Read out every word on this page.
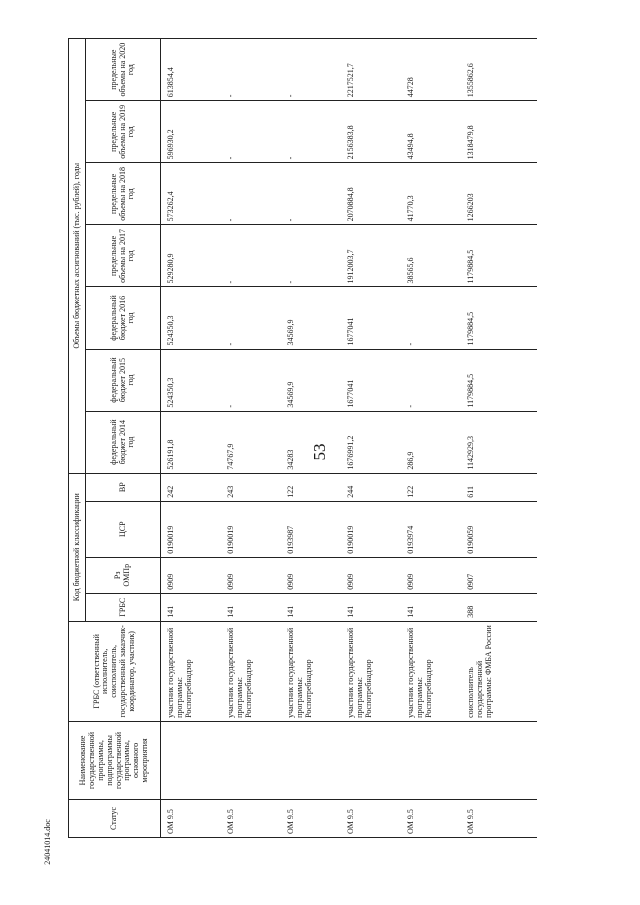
53
24041014.doc
Статус	Наименование государственной программы, подпрограммы государственной программы, основного мероприятия	ГРБС (ответственный исполнитель, соисполнитель, государственный заказчик-координатор, участник)	Код бюджетной классификации				Объемы бюджетных ассигнований (тыс. рублей), годы						
			ГРБС	Рз ОМПр	ЦСР	ВР	федеральный бюджет 2014 год	федеральный бюджет 2015 год	федеральный бюджет 2016 год	предельные объемы на 2017 год	предельные объемы на 2018 год	предельные объемы на 2019 год	предельные объемы на 2020 год
ОМ 9.5		участник государственной программы: Роспотребнадзор	141	0909	0190019	242	526191,8	524350,3	524350,3	529280,9	573262,4	596930,2	613854,4
ОМ 9.5		участник государственной программы: Роспотребнадзор	141	0909	0190019	243	74767,9	-	-	-	-	-	-
ОМ 9.5		участник государственной программы: Роспотребнадзор	141	0909	0193987	122	34283	34569,9	34569,9	-	-	-	-
ОМ 9.5		участник государственной программы: Роспотребнадзор	141	0909	0190019	244	1676991,2	1677041	1677041	1912003,7	2070884,8	2156383,8	2217521,7
ОМ 9.5		участник государственной программы: Роспотребнадзор	141	0909	0193974	122	286,9	-	-	38565,6	41770,3	43494,8	44728
ОМ 9.5		соисполнитель государственной программы: ФМБА России	388	0907	0190059	611	1142929,3	1179884,5	1179884,5	1179884,5	1266203	1318479,8	1355862,6
